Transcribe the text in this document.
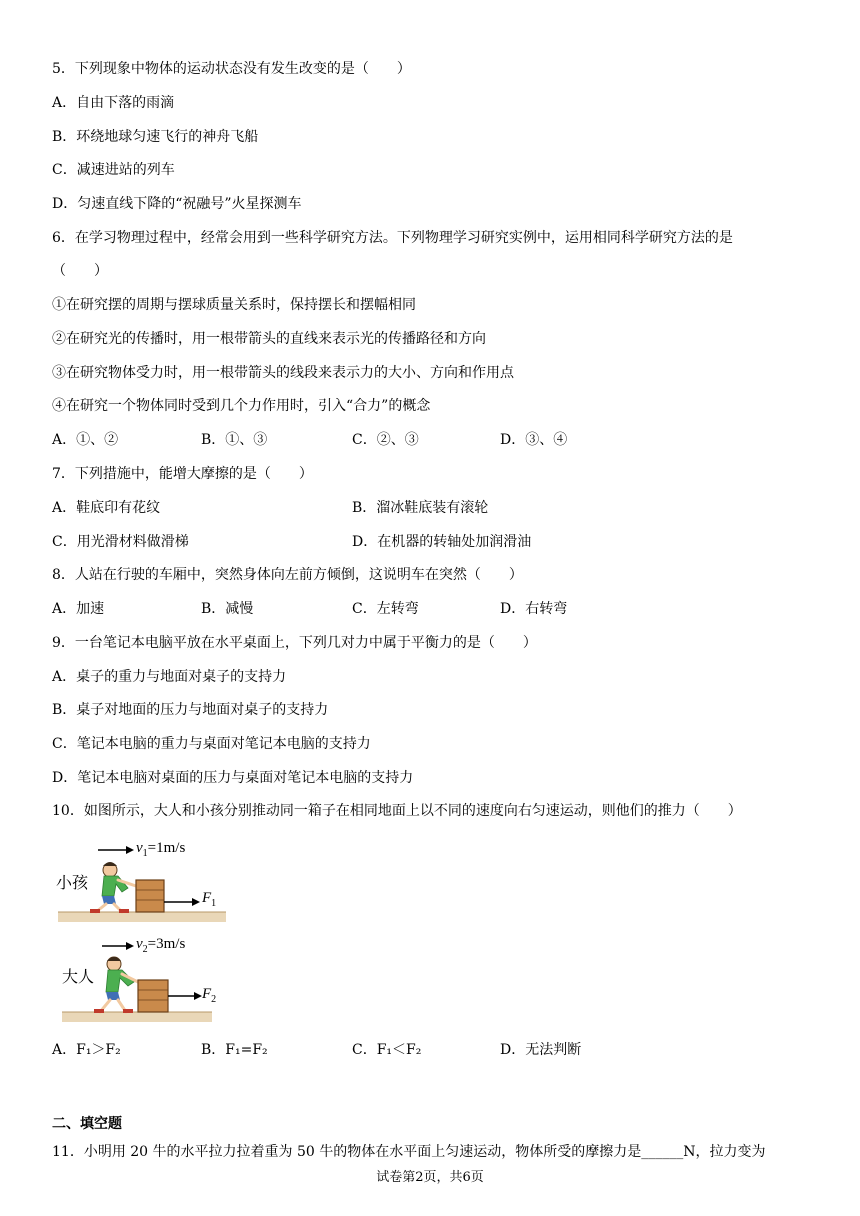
5．下列现象中物体的运动状态没有发生改变的是（　　）
A．自由下落的雨滴
B．环绕地球匀速飞行的神舟飞船
C．减速进站的列车
D．匀速直线下降的“祝融号”火星探测车
6．在学习物理过程中，经常会用到一些科学研究方法。下列物理学习研究实例中，运用相同科学研究方法的是
（　　）
①在研究摆的周期与摆球质量关系时，保持摆长和摆幅相同
②在研究光的传播时，用一根带箭头的直线来表示光的传播路径和方向
③在研究物体受力时，用一根带箭头的线段来表示力的大小、方向和作用点
④在研究一个物体同时受到几个力作用时，引入“合力”的概念
A．①、②	B．①、③	C．②、③	D．③、④
7．下列措施中，能增大摩擦的是（　　）
A．鞋底印有花纹	B．溜冰鞋底装有滚轮
C．用光滑材料做滑梯	D．在机器的转轴处加润滑油
8．人站在行驶的车厢中，突然身体向左前方倾倒，这说明车在突然（　　）
A．加速	B．减慢	C．左转弯	D．右转弯
9．一台笔记本电脑平放在水平桌面上，下列几对力中属于平衡力的是（　　）
A．桌子的重力与地面对桌子的支持力
B．桌子对地面的压力与地面对桌子的支持力
C．笔记本电脑的重力与桌面对笔记本电脑的支持力
D．笔记本电脑对桌面的压力与桌面对笔记本电脑的支持力
10．如图所示，大人和小孩分别推动同一箱子在相同地面上以不同的速度向右匀速运动，则他们的推力（　　）
小孩
$v_1=1m/s$
$F_1$
大人
$v_2=3m/s$
$F_2$
A．F₁＞F₂	B．F₁=F₂	C．F₁＜F₂	D．无法判断
二、填空题
11．小明用 20 牛的水平拉力拉着重为 50 牛的物体在水平面上匀速运动，物体所受的摩擦力是______N，拉力变为
试卷第2页，共6页
